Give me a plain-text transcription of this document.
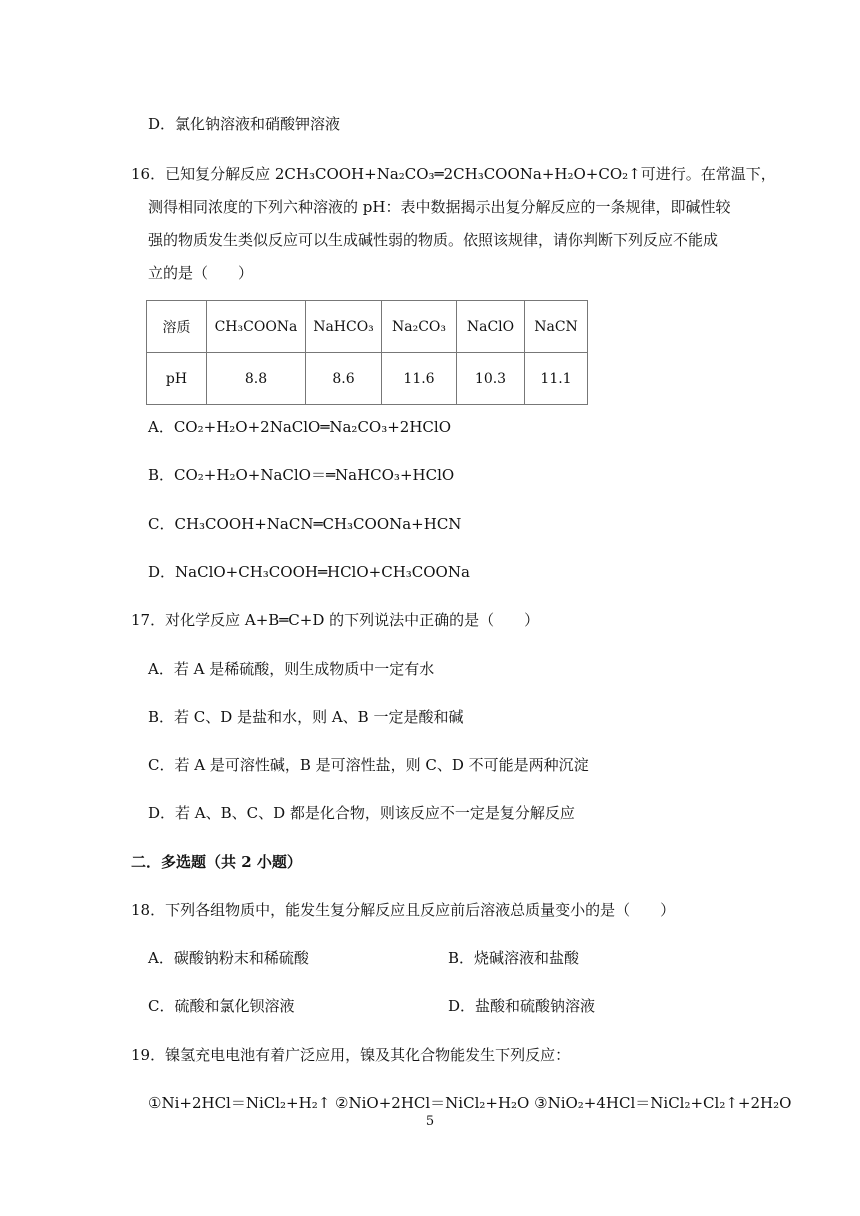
D．氯化钠溶液和硝酸钾溶液
16．已知复分解反应 2CH₃COOH+Na₂CO₃═2CH₃COONa+H₂O+CO₂↑可进行。在常温下，
测得相同浓度的下列六种溶液的 pH：表中数据揭示出复分解反应的一条规律，即碱性较
强的物质发生类似反应可以生成碱性弱的物质。依照该规律，请你判断下列反应不能成
立的是（　　）
溶质	CH₃COONa	NaHCO₃	Na₂CO₃	NaClO	NaCN
pH	8.8	8.6	11.6	10.3	11.1
A．CO₂+H₂O+2NaClO═Na₂CO₃+2HClO
B．CO₂+H₂O+NaClO＝═NaHCO₃+HClO
C．CH₃COOH+NaCN═CH₃COONa+HCN
D．NaClO+CH₃COOH═HClO+CH₃COONa
17．对化学反应 A+B═C+D 的下列说法中正确的是（　　）
A．若 A 是稀硫酸，则生成物质中一定有水
B．若 C、D 是盐和水，则 A、B 一定是酸和碱
C．若 A 是可溶性碱，B 是可溶性盐，则 C、D 不可能是两种沉淀
D．若 A、B、C、D 都是化合物，则该反应不一定是复分解反应
二．多选题（共 2 小题）
18．下列各组物质中，能发生复分解反应且反应前后溶液总质量变小的是（　　）
A．碳酸钠粉末和稀硫酸	B．烧碱溶液和盐酸
C．硫酸和氯化钡溶液	D．盐酸和硫酸钠溶液
19．镍氢充电电池有着广泛应用，镍及其化合物能发生下列反应：
①Ni+2HCl＝NiCl₂+H₂↑ ②NiO+2HCl＝NiCl₂+H₂O ③NiO₂+4HCl＝NiCl₂+Cl₂↑+2H₂O
5
